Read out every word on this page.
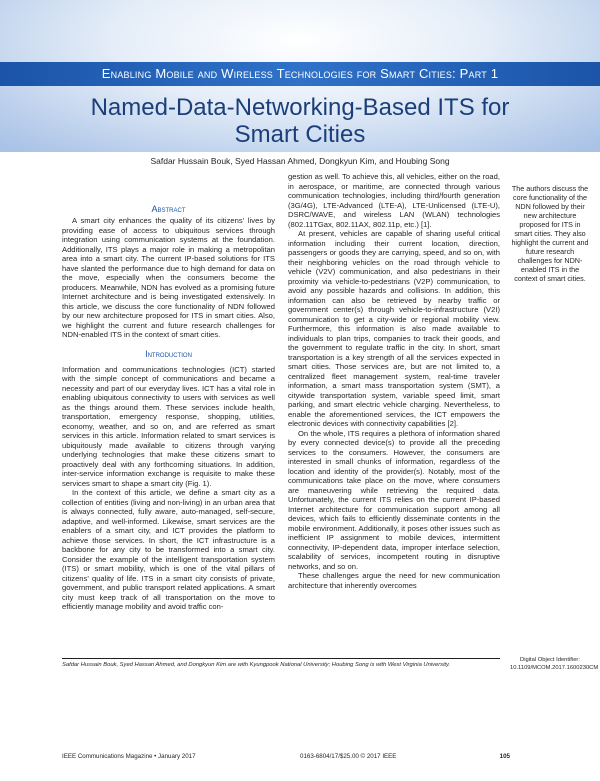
Enabling Mobile and Wireless Technologies for Smart Cities: Part 1
Named-Data-Networking-Based ITS for
Smart Cities
Safdar Hussain Bouk, Syed Hassan Ahmed, Dongkyun Kim, and Houbing Song
Abstract

A smart city enhances the quality of its citizens' lives by providing ease of access to ubiquitous services through integration using communication systems at the foundation. Additionally, ITS plays a major role in making a metropolitan area into a smart city. The current IP-based solutions for ITS have slanted the performance due to high demand for data on the move, especially when the consumers become the producers. Meanwhile, NDN has evolved as a promising future Internet architecture and is being investigated extensively. In this article, we discuss the core functionality of NDN followed by our new architecture proposed for ITS in smart cities. Also, we highlight the current and future research challenges for NDN-enabled ITS in the context of smart cities.

Introduction

Information and communications technologies (ICT) started with the simple concept of communications and became a necessity and part of our everyday lives. ICT has a vital role in enabling ubiquitous connectivity to users with services as well as the things around them. These services include health, transportation, emergency response, shopping, utilities, economy, weather, and so on, and are referred as smart services in this article. Information related to smart services is ubiquitously made available to citizens through varying underlying technologies that make these citizens smart to proactively deal with any forthcoming situations. In addition, inter-service information exchange is requisite to make these services smart to shape a smart city (Fig. 1).

In the context of this article, we define a smart city as a collection of entities (living and non-living) in an urban area that is always connected, fully aware, auto-managed, self-secure, adaptive, and well-informed. Likewise, smart services are the enablers of a smart city, and ICT provides the platform to achieve those services. In short, the ICT infrastructure is a backbone for any city to be transformed into a smart city. Consider the example of the intelligent transportation system (ITS) or smart mobility, which is one of the vital pillars of citizens' quality of life. ITS in a smart city consists of private, government, and public transport related applications. A smart city must keep track of all transportation on the move to efficiently manage mobility and avoid traffic con-

gestion as well. To achieve this, all vehicles, either on the road, in aerospace, or maritime, are connected through various communication technologies, including third/fourth generation (3G/4G), LTE-Advanced (LTE-A), LTE-Unlicensed (LTE-U), DSRC/WAVE, and wireless LAN (WLAN) technologies (802.11TGax, 802.11AX, 802.11p, etc.) [1].

At present, vehicles are capable of sharing useful critical information including their current location, direction, passengers or goods they are carrying, speed, and so on, with their neighboring vehicles on the road through vehicle to vehicle (V2V) communication, and also pedestrians in their proximity via vehicle-to-pedestrians (V2P) communication, to avoid any possible hazards and collisions. In addition, this information can also be retrieved by nearby traffic or government center(s) through vehicle-to-infrastructure (V2I) communication to get a city-wide or regional mobility view. Furthermore, this information is also made available to individuals to plan trips, companies to track their goods, and the government to regulate traffic in the city. In short, smart transportation is a key strength of all the services expected in smart cities. Those services are, but are not limited to, a centralized fleet management system, real-time traveler information, a smart mass transportation system (SMT), a citywide transportation system, variable speed limit, smart parking, and smart electric vehicle charging. Nevertheless, to enable the aforementioned services, the ICT empowers the electronic devices with connectivity capabilities [2].

On the whole, ITS requires a plethora of information shared by every connected device(s) to provide all the preceding services to the consumers. However, the consumers are interested in small chunks of information, regardless of the location and identity of the provider(s). Notably, most of the communications take place on the move, where consumers are maneuvering while retrieving the required data. Unfortunately, the current ITS relies on the current IP-based Internet architecture for communication support among all devices, which fails to efficiently disseminate contents in the mobile environment. Additionally, it poses other issues such as inefficient IP assignment to mobile devices, intermittent connectivity, IP-dependent data, improper interface selection, scalability of services, incompetent routing in disruptive networks, and so on.

These challenges argue the need for new communication architecture that inherently overcomes

The authors discuss the core functionality of the NDN followed by their new architecture proposed for ITS in smart cities. They also highlight the current and future research challenges for NDN-enabled ITS in the context of smart cities.
Safdar Hussain Bouk, Syed Hassan Ahmed, and Dongkyun Kim are with Kyungpook National University; Houbing Song is with West Virginia University.
Digital Object Identifier:
10.1109/MCOM.2017.1600230CM
IEEE Communications Magazine • January 2017	0163-6804/17/$25.00 © 2017 IEEE	105
